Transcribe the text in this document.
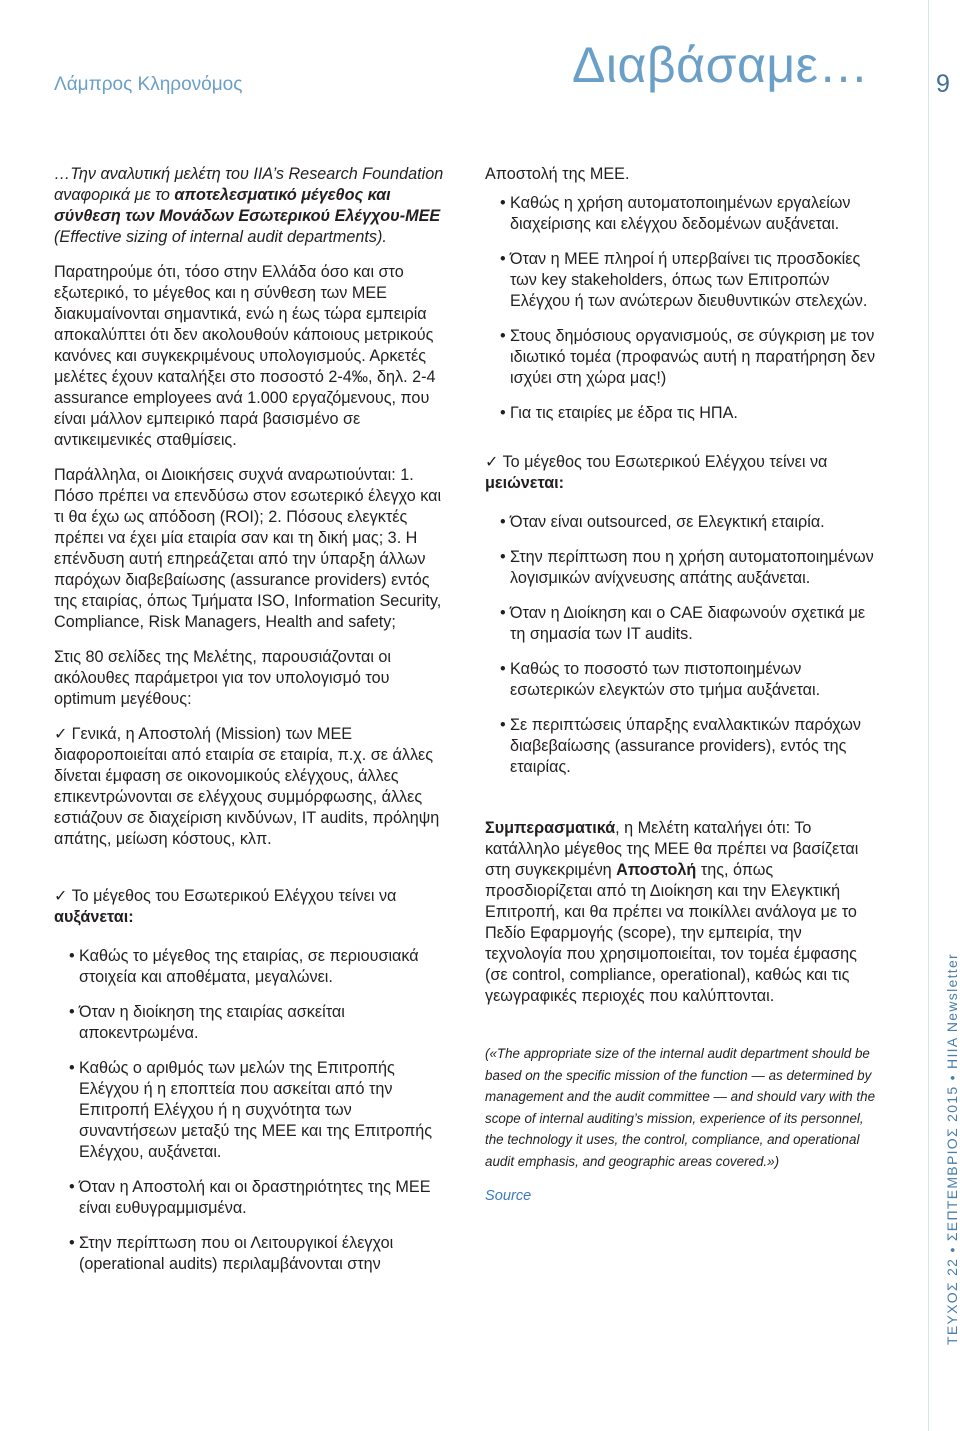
Λάμπρος Κληρονόμος	Διαβάσαμε…	9
ΤΕΥΧΟΣ 22 • ΣΕΠΤΕΜΒΡΙΟΣ 2015 • HIIA Newsletter

…Την αναλυτική μελέτη του IIA’s Research Foundation αναφορικά με το αποτελεσματικό μέγεθος και σύνθεση των Μονάδων Εσωτερικού Ελέγχου-ΜΕΕ (Effective sizing of internal audit departments).

Παρατηρούμε ότι, τόσο στην Ελλάδα όσο και στο εξωτερικό, το μέγεθος και η σύνθεση των ΜΕΕ διακυμαίνονται σημαντικά, ενώ η έως τώρα εμπειρία αποκαλύπτει ότι δεν ακολουθούν κάποιους μετρικούς κανόνες και συγκεκριμένους υπολογισμούς. Αρκετές μελέτες έχουν καταλήξει στο ποσοστό 2-4‰, δηλ. 2-4 assurance employees ανά 1.000 εργαζόμενους, που είναι μάλλον εμπειρικό παρά βασισμένο σε αντικειμενικές σταθμίσεις.

Παράλληλα, οι Διοικήσεις συχνά αναρωτιούνται: 1. Πόσο πρέπει να επενδύσω στον εσωτερικό έλεγχο και τι θα έχω ως απόδοση (ROI); 2. Πόσους ελεγκτές πρέπει να έχει μία εταιρία σαν και τη δική μας; 3. Η επένδυση αυτή επηρεάζεται από την ύπαρξη άλλων παρόχων διαβεβαίωσης (assurance providers) εντός της εταιρίας, όπως Τμήματα ISO, Information Security, Compliance, Risk Managers, Health and safety;

Στις 80 σελίδες της Μελέτης, παρουσιάζονται οι ακόλουθες παράμετροι για τον υπολογισμό του optimum μεγέθους:

✓ Γενικά, η Αποστολή (Mission) των ΜΕΕ διαφοροποιείται από εταιρία σε εταιρία, π.χ. σε άλλες δίνεται έμφαση σε οικονομικούς ελέγχους, άλλες επικεντρώνονται σε ελέγχους συμμόρφωσης, άλλες εστιάζουν σε διαχείριση κινδύνων, IT audits, πρόληψη απάτης, μείωση κόστους, κλπ.

✓ Το μέγεθος του Εσωτερικού Ελέγχου τείνει να αυξάνεται:

• Καθώς το μέγεθος της εταιρίας, σε περιουσιακά στοιχεία και αποθέματα, μεγαλώνει.
• Όταν η διοίκηση της εταιρίας ασκείται αποκεντρωμένα.
• Καθώς ο αριθμός των μελών της Επιτροπής Ελέγχου ή η εποπτεία που ασκείται από την Επιτροπή Ελέγχου ή η συχνότητα των συναντήσεων μεταξύ της ΜΕΕ και της Επιτροπής Ελέγχου, αυξάνεται.
• Όταν η Αποστολή και οι δραστηριότητες της ΜΕΕ είναι ευθυγραμμισμένα.
• Στην περίπτωση που οι Λειτουργικοί έλεγχοι (operational audits) περιλαμβάνονται στην

Αποστολή της ΜΕΕ.

• Καθώς η χρήση αυτοματοποιημένων εργαλείων διαχείρισης και ελέγχου δεδομένων αυξάνεται.
• Όταν η ΜΕΕ πληροί ή υπερβαίνει τις προσδοκίες των key stakeholders, όπως των Επιτροπών Ελέγχου ή των ανώτερων διευθυντικών στελεχών.
• Στους δημόσιους οργανισμούς, σε σύγκριση με τον ιδιωτικό τομέα (προφανώς αυτή η παρατήρηση δεν ισχύει στη χώρα μας!)
• Για τις εταιρίες με έδρα τις ΗΠΑ.

✓ Το μέγεθος του Εσωτερικού Ελέγχου τείνει να μειώνεται:

• Όταν είναι outsourced, σε Ελεγκτική εταιρία.
• Στην περίπτωση που η χρήση αυτοματοποιημένων λογισμικών ανίχνευσης απάτης αυξάνεται.
• Όταν η Διοίκηση και ο CAE διαφωνούν σχετικά με τη σημασία των IT audits.
• Καθώς το ποσοστό των πιστοποιημένων εσωτερικών ελεγκτών στο τμήμα αυξάνεται.
• Σε περιπτώσεις ύπαρξης εναλλακτικών παρόχων διαβεβαίωσης (assurance providers), εντός της εταιρίας.

Συμπερασματικά, η Μελέτη καταλήγει ότι: Το κατάλληλο μέγεθος της ΜΕΕ θα πρέπει να βασίζεται στη συγκεκριμένη Αποστολή της, όπως προσδιορίζεται από τη Διοίκηση και την Ελεγκτική Επιτροπή, και θα πρέπει να ποικίλλει ανάλογα με το Πεδίο Εφαρμογής (scope), την εμπειρία, την τεχνολογία που χρησιμοποιείται, τον τομέα έμφασης (σε control, compliance, operational), καθώς και τις γεωγραφικές περιοχές που καλύπτονται.

(«The appropriate size of the internal audit department should be based on the specific mission of the function — as determined by management and the audit committee — and should vary with the scope of internal auditing’s mission, experience of its personnel, the technology it uses, the control, compliance, and operational audit emphasis, and geographic areas covered.»)

Source
